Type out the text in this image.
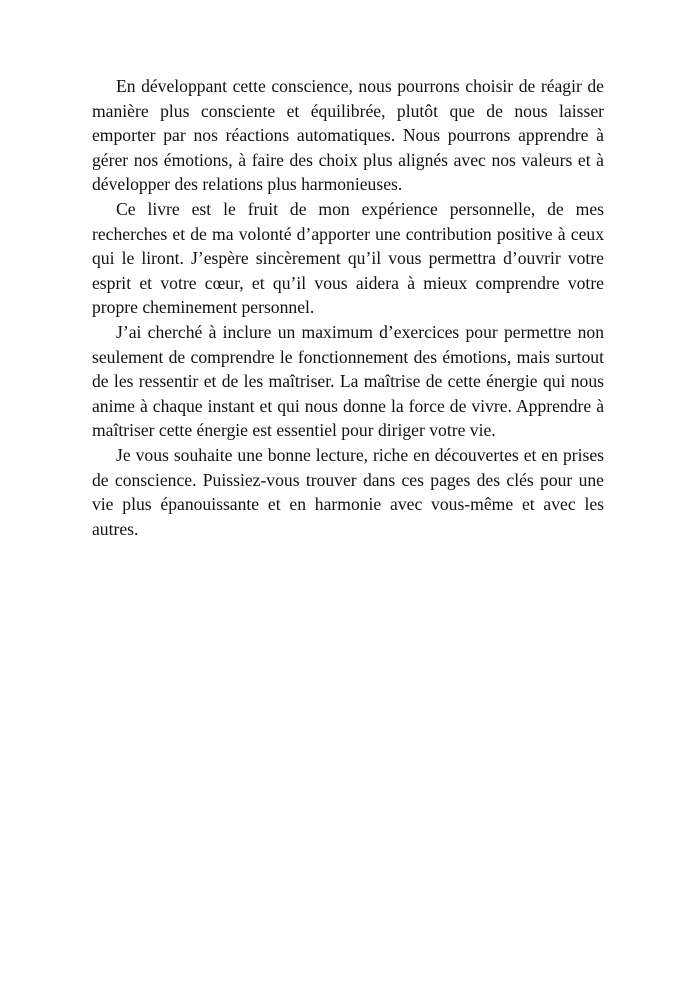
En développant cette conscience, nous pourrons choisir de réagir de manière plus consciente et équilibrée, plutôt que de nous laisser emporter par nos réactions automatiques. Nous pourrons apprendre à gérer nos émotions, à faire des choix plus alignés avec nos valeurs et à développer des relations plus harmonieuses.

Ce livre est le fruit de mon expérience personnelle, de mes recherches et de ma volonté d’apporter une contribution positive à ceux qui le liront. J’espère sincèrement qu’il vous permettra d’ouvrir votre esprit et votre cœur, et qu’il vous aidera à mieux comprendre votre propre cheminement personnel.

J’ai cherché à inclure un maximum d’exercices pour permettre non seulement de comprendre le fonctionnement des émotions, mais surtout de les ressentir et de les maîtriser. La maîtrise de cette énergie qui nous anime à chaque instant et qui nous donne la force de vivre. Apprendre à maîtriser cette énergie est essentiel pour diriger votre vie.

Je vous souhaite une bonne lecture, riche en découvertes et en prises de conscience. Puissiez-vous trouver dans ces pages des clés pour une vie plus épanouissante et en harmonie avec vous-même et avec les autres.
